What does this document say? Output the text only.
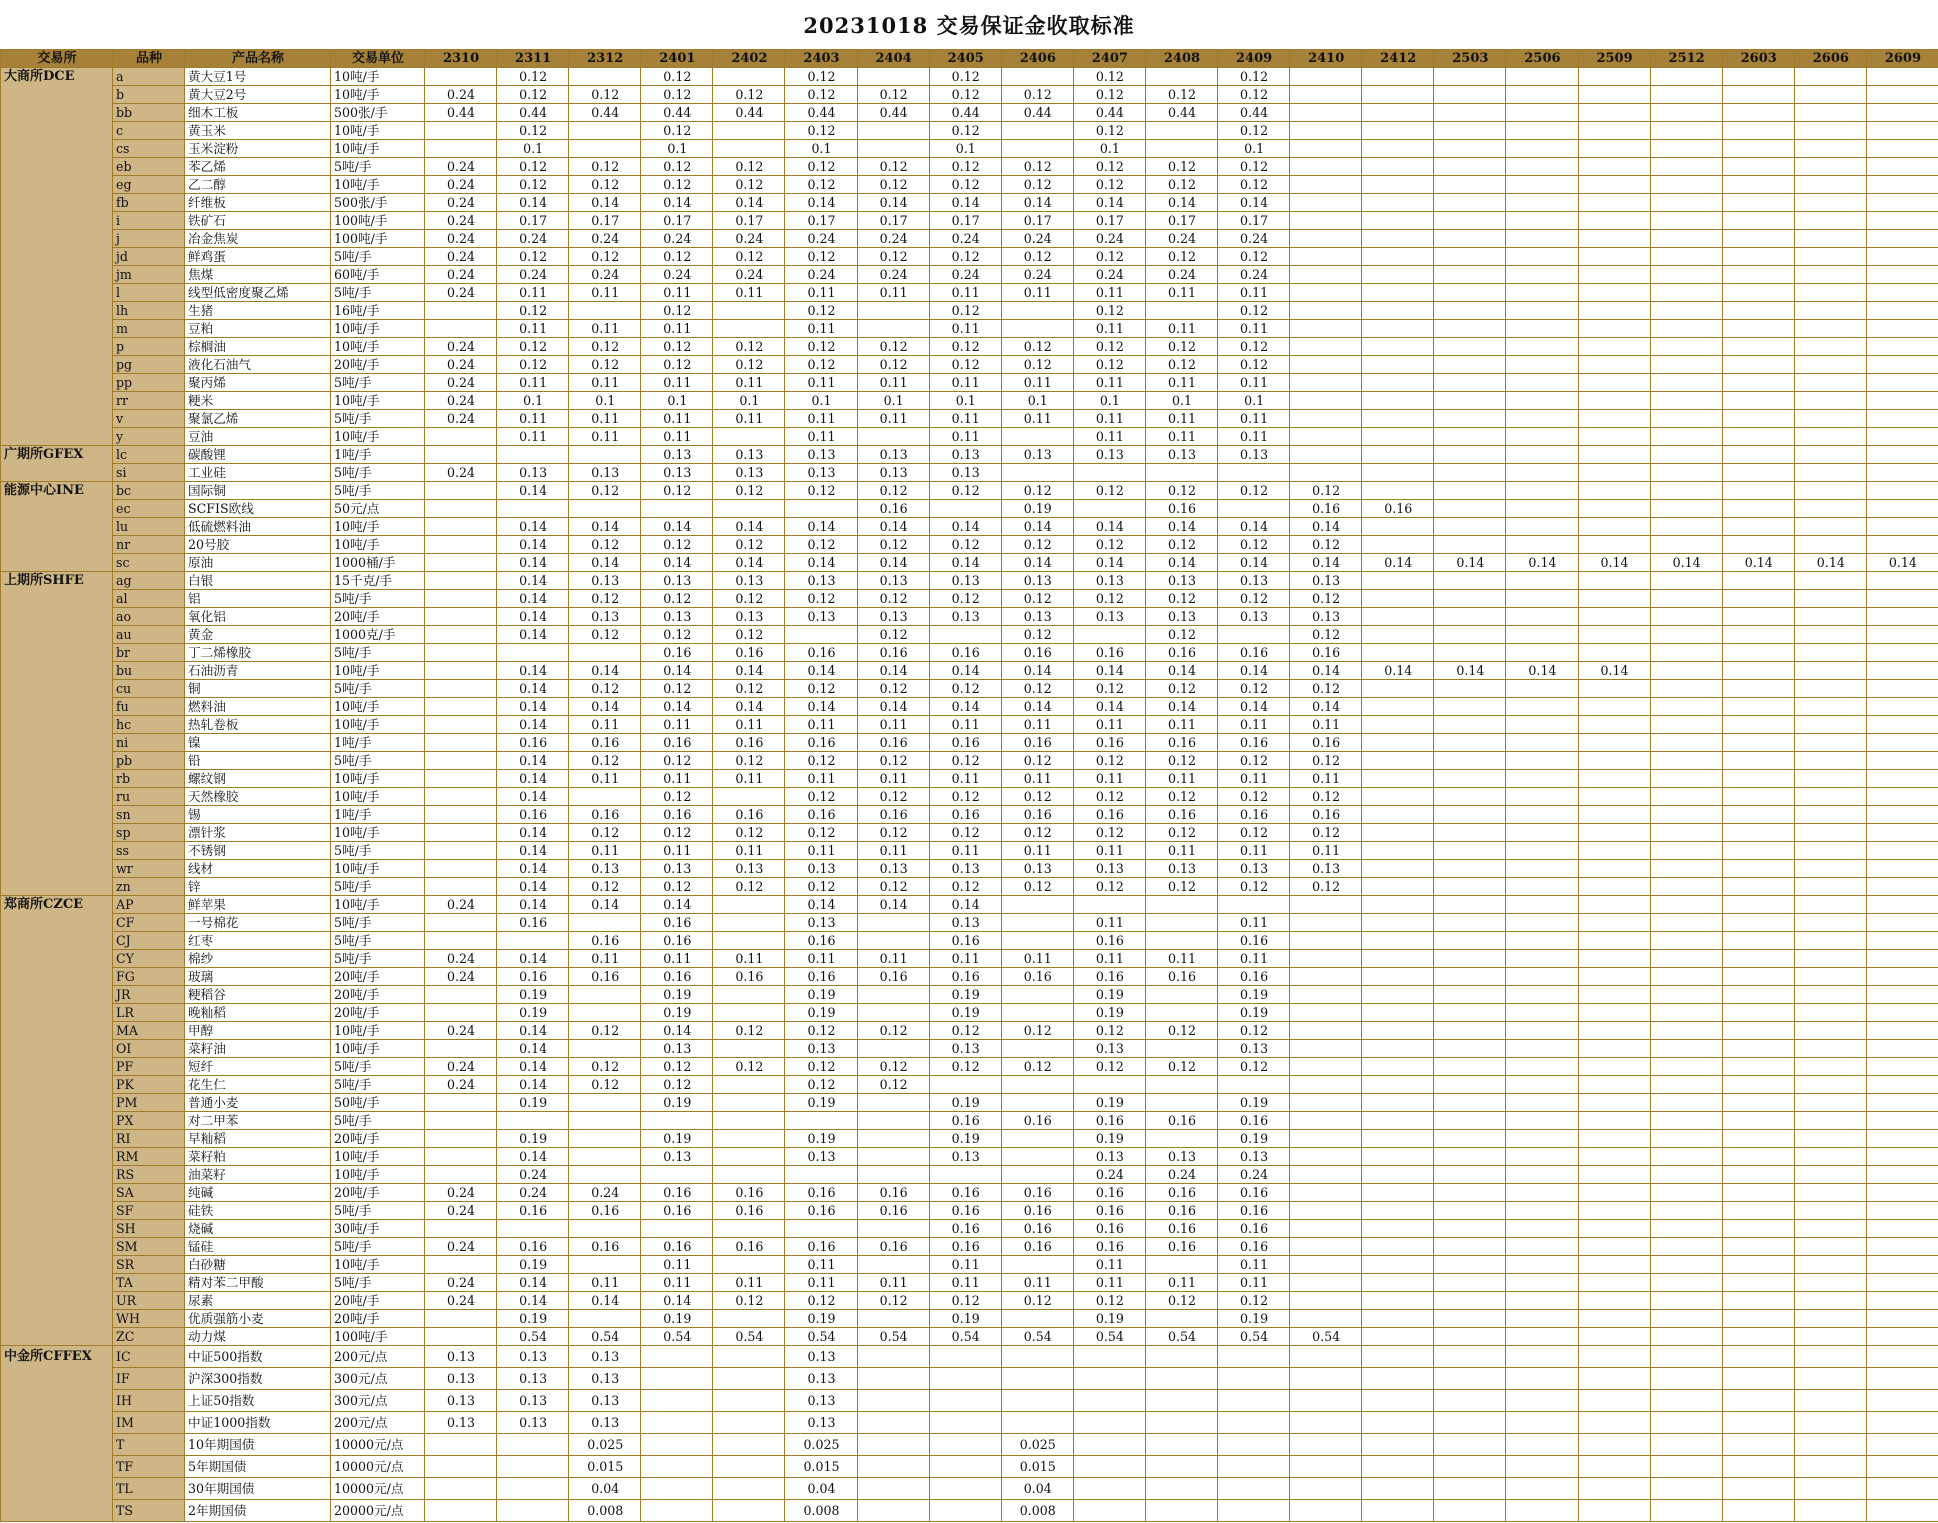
20231018 交易保证金收取标准
交易所	品种	产品名称	交易单位	2310	2311	2312	2401	2402	2403	2404	2405	2406	2407	2408	2409	2410	2412	2503	2506	2509	2512	2603	2606	2609
大商所DCE	a	黄大豆1号	10吨/手		0.12		0.12		0.12		0.12		0.12		0.12									
	b	黄大豆2号	10吨/手	0.24	0.12	0.12	0.12	0.12	0.12	0.12	0.12	0.12	0.12	0.12	0.12									
	bb	细木工板	500张/手	0.44	0.44	0.44	0.44	0.44	0.44	0.44	0.44	0.44	0.44	0.44	0.44									
	c	黄玉米	10吨/手		0.12		0.12		0.12		0.12		0.12		0.12									
	cs	玉米淀粉	10吨/手		0.1		0.1		0.1		0.1		0.1		0.1									
	eb	苯乙烯	5吨/手	0.24	0.12	0.12	0.12	0.12	0.12	0.12	0.12	0.12	0.12	0.12	0.12									
	eg	乙二醇	10吨/手	0.24	0.12	0.12	0.12	0.12	0.12	0.12	0.12	0.12	0.12	0.12	0.12									
	fb	纤维板	500张/手	0.24	0.14	0.14	0.14	0.14	0.14	0.14	0.14	0.14	0.14	0.14	0.14									
	i	铁矿石	100吨/手	0.24	0.17	0.17	0.17	0.17	0.17	0.17	0.17	0.17	0.17	0.17	0.17									
	j	冶金焦炭	100吨/手	0.24	0.24	0.24	0.24	0.24	0.24	0.24	0.24	0.24	0.24	0.24	0.24									
	jd	鲜鸡蛋	5吨/手	0.24	0.12	0.12	0.12	0.12	0.12	0.12	0.12	0.12	0.12	0.12	0.12									
	jm	焦煤	60吨/手	0.24	0.24	0.24	0.24	0.24	0.24	0.24	0.24	0.24	0.24	0.24	0.24									
	l	线型低密度聚乙烯	5吨/手	0.24	0.11	0.11	0.11	0.11	0.11	0.11	0.11	0.11	0.11	0.11	0.11									
	lh	生猪	16吨/手		0.12		0.12		0.12		0.12		0.12		0.12									
	m	豆粕	10吨/手		0.11	0.11	0.11		0.11		0.11		0.11	0.11	0.11									
	p	棕榈油	10吨/手	0.24	0.12	0.12	0.12	0.12	0.12	0.12	0.12	0.12	0.12	0.12	0.12									
	pg	液化石油气	20吨/手	0.24	0.12	0.12	0.12	0.12	0.12	0.12	0.12	0.12	0.12	0.12	0.12									
	pp	聚丙烯	5吨/手	0.24	0.11	0.11	0.11	0.11	0.11	0.11	0.11	0.11	0.11	0.11	0.11									
	rr	粳米	10吨/手	0.24	0.1	0.1	0.1	0.1	0.1	0.1	0.1	0.1	0.1	0.1	0.1									
	v	聚氯乙烯	5吨/手	0.24	0.11	0.11	0.11	0.11	0.11	0.11	0.11	0.11	0.11	0.11	0.11									
	y	豆油	10吨/手		0.11	0.11	0.11		0.11		0.11		0.11	0.11	0.11									
广期所GFEX	lc	碳酸锂	1吨/手				0.13	0.13	0.13	0.13	0.13	0.13	0.13	0.13	0.13									
	si	工业硅	5吨/手	0.24	0.13	0.13	0.13	0.13	0.13	0.13	0.13													
能源中心INE	bc	国际铜	5吨/手		0.14	0.12	0.12	0.12	0.12	0.12	0.12	0.12	0.12	0.12	0.12	0.12								
	ec	SCFIS欧线	50元/点							0.16		0.19		0.16		0.16	0.16							
	lu	低硫燃料油	10吨/手		0.14	0.14	0.14	0.14	0.14	0.14	0.14	0.14	0.14	0.14	0.14	0.14								
	nr	20号胶	10吨/手		0.14	0.12	0.12	0.12	0.12	0.12	0.12	0.12	0.12	0.12	0.12	0.12								
	sc	原油	1000桶/手		0.14	0.14	0.14	0.14	0.14	0.14	0.14	0.14	0.14	0.14	0.14	0.14	0.14	0.14	0.14	0.14	0.14	0.14	0.14	0.14
上期所SHFE	ag	白银	15千克/手		0.14	0.13	0.13	0.13	0.13	0.13	0.13	0.13	0.13	0.13	0.13	0.13								
	al	铝	5吨/手		0.14	0.12	0.12	0.12	0.12	0.12	0.12	0.12	0.12	0.12	0.12	0.12								
	ao	氧化铝	20吨/手		0.14	0.13	0.13	0.13	0.13	0.13	0.13	0.13	0.13	0.13	0.13	0.13								
	au	黄金	1000克/手		0.14	0.12	0.12	0.12		0.12		0.12		0.12		0.12								
	br	丁二烯橡胶	5吨/手				0.16	0.16	0.16	0.16	0.16	0.16	0.16	0.16	0.16	0.16								
	bu	石油沥青	10吨/手		0.14	0.14	0.14	0.14	0.14	0.14	0.14	0.14	0.14	0.14	0.14	0.14	0.14	0.14	0.14	0.14				
	cu	铜	5吨/手		0.14	0.12	0.12	0.12	0.12	0.12	0.12	0.12	0.12	0.12	0.12	0.12								
	fu	燃料油	10吨/手		0.14	0.14	0.14	0.14	0.14	0.14	0.14	0.14	0.14	0.14	0.14	0.14								
	hc	热轧卷板	10吨/手		0.14	0.11	0.11	0.11	0.11	0.11	0.11	0.11	0.11	0.11	0.11	0.11								
	ni	镍	1吨/手		0.16	0.16	0.16	0.16	0.16	0.16	0.16	0.16	0.16	0.16	0.16	0.16								
	pb	铅	5吨/手		0.14	0.12	0.12	0.12	0.12	0.12	0.12	0.12	0.12	0.12	0.12	0.12								
	rb	螺纹钢	10吨/手		0.14	0.11	0.11	0.11	0.11	0.11	0.11	0.11	0.11	0.11	0.11	0.11								
	ru	天然橡胶	10吨/手		0.14		0.12		0.12	0.12	0.12	0.12	0.12	0.12	0.12	0.12								
	sn	锡	1吨/手		0.16	0.16	0.16	0.16	0.16	0.16	0.16	0.16	0.16	0.16	0.16	0.16								
	sp	漂针浆	10吨/手		0.14	0.12	0.12	0.12	0.12	0.12	0.12	0.12	0.12	0.12	0.12	0.12								
	ss	不锈钢	5吨/手		0.14	0.11	0.11	0.11	0.11	0.11	0.11	0.11	0.11	0.11	0.11	0.11								
	wr	线材	10吨/手		0.14	0.13	0.13	0.13	0.13	0.13	0.13	0.13	0.13	0.13	0.13	0.13								
	zn	锌	5吨/手		0.14	0.12	0.12	0.12	0.12	0.12	0.12	0.12	0.12	0.12	0.12	0.12								
郑商所CZCE	AP	鲜苹果	10吨/手	0.24	0.14	0.14	0.14		0.14	0.14	0.14													
	CF	一号棉花	5吨/手		0.16		0.16		0.13		0.13		0.11		0.11									
	CJ	红枣	5吨/手			0.16	0.16		0.16		0.16		0.16		0.16									
	CY	棉纱	5吨/手	0.24	0.14	0.11	0.11	0.11	0.11	0.11	0.11	0.11	0.11	0.11	0.11									
	FG	玻璃	20吨/手	0.24	0.16	0.16	0.16	0.16	0.16	0.16	0.16	0.16	0.16	0.16	0.16									
	JR	粳稻谷	20吨/手		0.19		0.19		0.19		0.19		0.19		0.19									
	LR	晚籼稻	20吨/手		0.19		0.19		0.19		0.19		0.19		0.19									
	MA	甲醇	10吨/手	0.24	0.14	0.12	0.14	0.12	0.12	0.12	0.12	0.12	0.12	0.12	0.12									
	OI	菜籽油	10吨/手		0.14		0.13		0.13		0.13		0.13		0.13									
	PF	短纤	5吨/手	0.24	0.14	0.12	0.12	0.12	0.12	0.12	0.12	0.12	0.12	0.12	0.12									
	PK	花生仁	5吨/手	0.24	0.14	0.12	0.12		0.12	0.12														
	PM	普通小麦	50吨/手		0.19		0.19		0.19		0.19		0.19		0.19									
	PX	对二甲苯	5吨/手								0.16	0.16	0.16	0.16	0.16									
	RI	早籼稻	20吨/手		0.19		0.19		0.19		0.19		0.19		0.19									
	RM	菜籽粕	10吨/手		0.14		0.13		0.13		0.13		0.13	0.13	0.13									
	RS	油菜籽	10吨/手		0.24								0.24	0.24	0.24									
	SA	纯碱	20吨/手	0.24	0.24	0.24	0.16	0.16	0.16	0.16	0.16	0.16	0.16	0.16	0.16									
	SF	硅铁	5吨/手	0.24	0.16	0.16	0.16	0.16	0.16	0.16	0.16	0.16	0.16	0.16	0.16									
	SH	烧碱	30吨/手								0.16	0.16	0.16	0.16	0.16									
	SM	锰硅	5吨/手	0.24	0.16	0.16	0.16	0.16	0.16	0.16	0.16	0.16	0.16	0.16	0.16									
	SR	白砂糖	10吨/手		0.19		0.11		0.11		0.11		0.11		0.11									
	TA	精对苯二甲酸	5吨/手	0.24	0.14	0.11	0.11	0.11	0.11	0.11	0.11	0.11	0.11	0.11	0.11									
	UR	尿素	20吨/手	0.24	0.14	0.14	0.14	0.12	0.12	0.12	0.12	0.12	0.12	0.12	0.12									
	WH	优质强筋小麦	20吨/手		0.19		0.19		0.19		0.19		0.19		0.19									
	ZC	动力煤	100吨/手		0.54	0.54	0.54	0.54	0.54	0.54	0.54	0.54	0.54	0.54	0.54	0.54								
中金所CFFEX	IC	中证500指数	200元/点	0.13	0.13	0.13			0.13															
	IF	沪深300指数	300元/点	0.13	0.13	0.13			0.13															
	IH	上证50指数	300元/点	0.13	0.13	0.13			0.13															
	IM	中证1000指数	200元/点	0.13	0.13	0.13			0.13															
	T	10年期国债	10000元/点			0.025			0.025			0.025												
	TF	5年期国债	10000元/点			0.015			0.015			0.015												
	TL	30年期国债	10000元/点			0.04			0.04			0.04												
	TS	2年期国债	20000元/点			0.008			0.008			0.008												
